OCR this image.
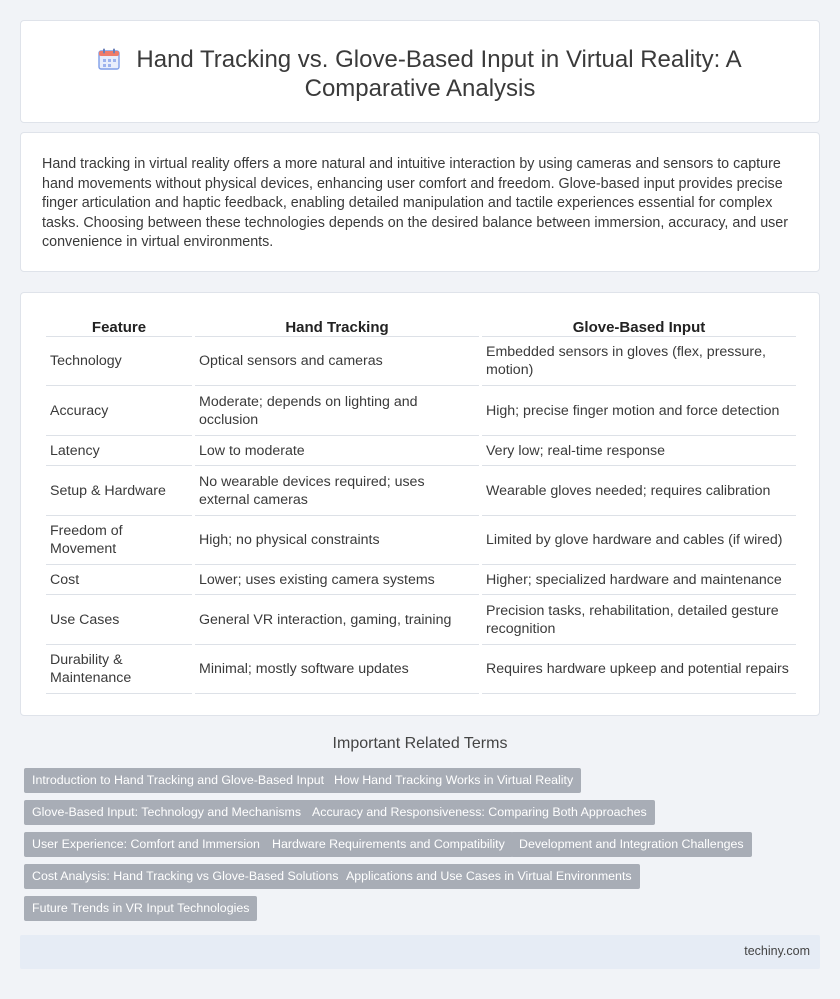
Hand Tracking vs. Glove-Based Input in Virtual Reality: A
Comparative Analysis

Hand tracking in virtual reality offers a more natural and intuitive interaction by using cameras and sensors to capture hand movements without physical devices, enhancing user comfort and freedom. Glove-based input provides precise finger articulation and haptic feedback, enabling detailed manipulation and tactile experiences essential for complex tasks. Choosing between these technologies depends on the desired balance between immersion, accuracy, and user convenience in virtual environments.

Feature	Hand Tracking	Glove-Based Input
Technology	Optical sensors and cameras	Embedded sensors in gloves (flex, pressure, motion)
Accuracy	Moderate; depends on lighting and occlusion	High; precise finger motion and force detection
Latency	Low to moderate	Very low; real-time response
Setup & Hardware	No wearable devices required; uses external cameras	Wearable gloves needed; requires calibration
Freedom of Movement	High; no physical constraints	Limited by glove hardware and cables (if wired)
Cost	Lower; uses existing camera systems	Higher; specialized hardware and maintenance
Use Cases	General VR interaction, gaming, training	Precision tasks, rehabilitation, detailed gesture recognition
Durability & Maintenance	Minimal; mostly software updates	Requires hardware upkeep and potential repairs
Important Related Terms
Introduction to Hand Tracking and Glove-Based Input How Hand Tracking Works in Virtual Reality
Glove-Based Input: Technology and Mechanisms Accuracy and Responsiveness: Comparing Both Approaches
User Experience: Comfort and Immersion Hardware Requirements and Compatibility	Development and Integration Challenges
Cost Analysis: Hand Tracking vs Glove-Based Solutions Applications and Use Cases in Virtual Environments
Future Trends in VR Input Technologies
techiny.com
